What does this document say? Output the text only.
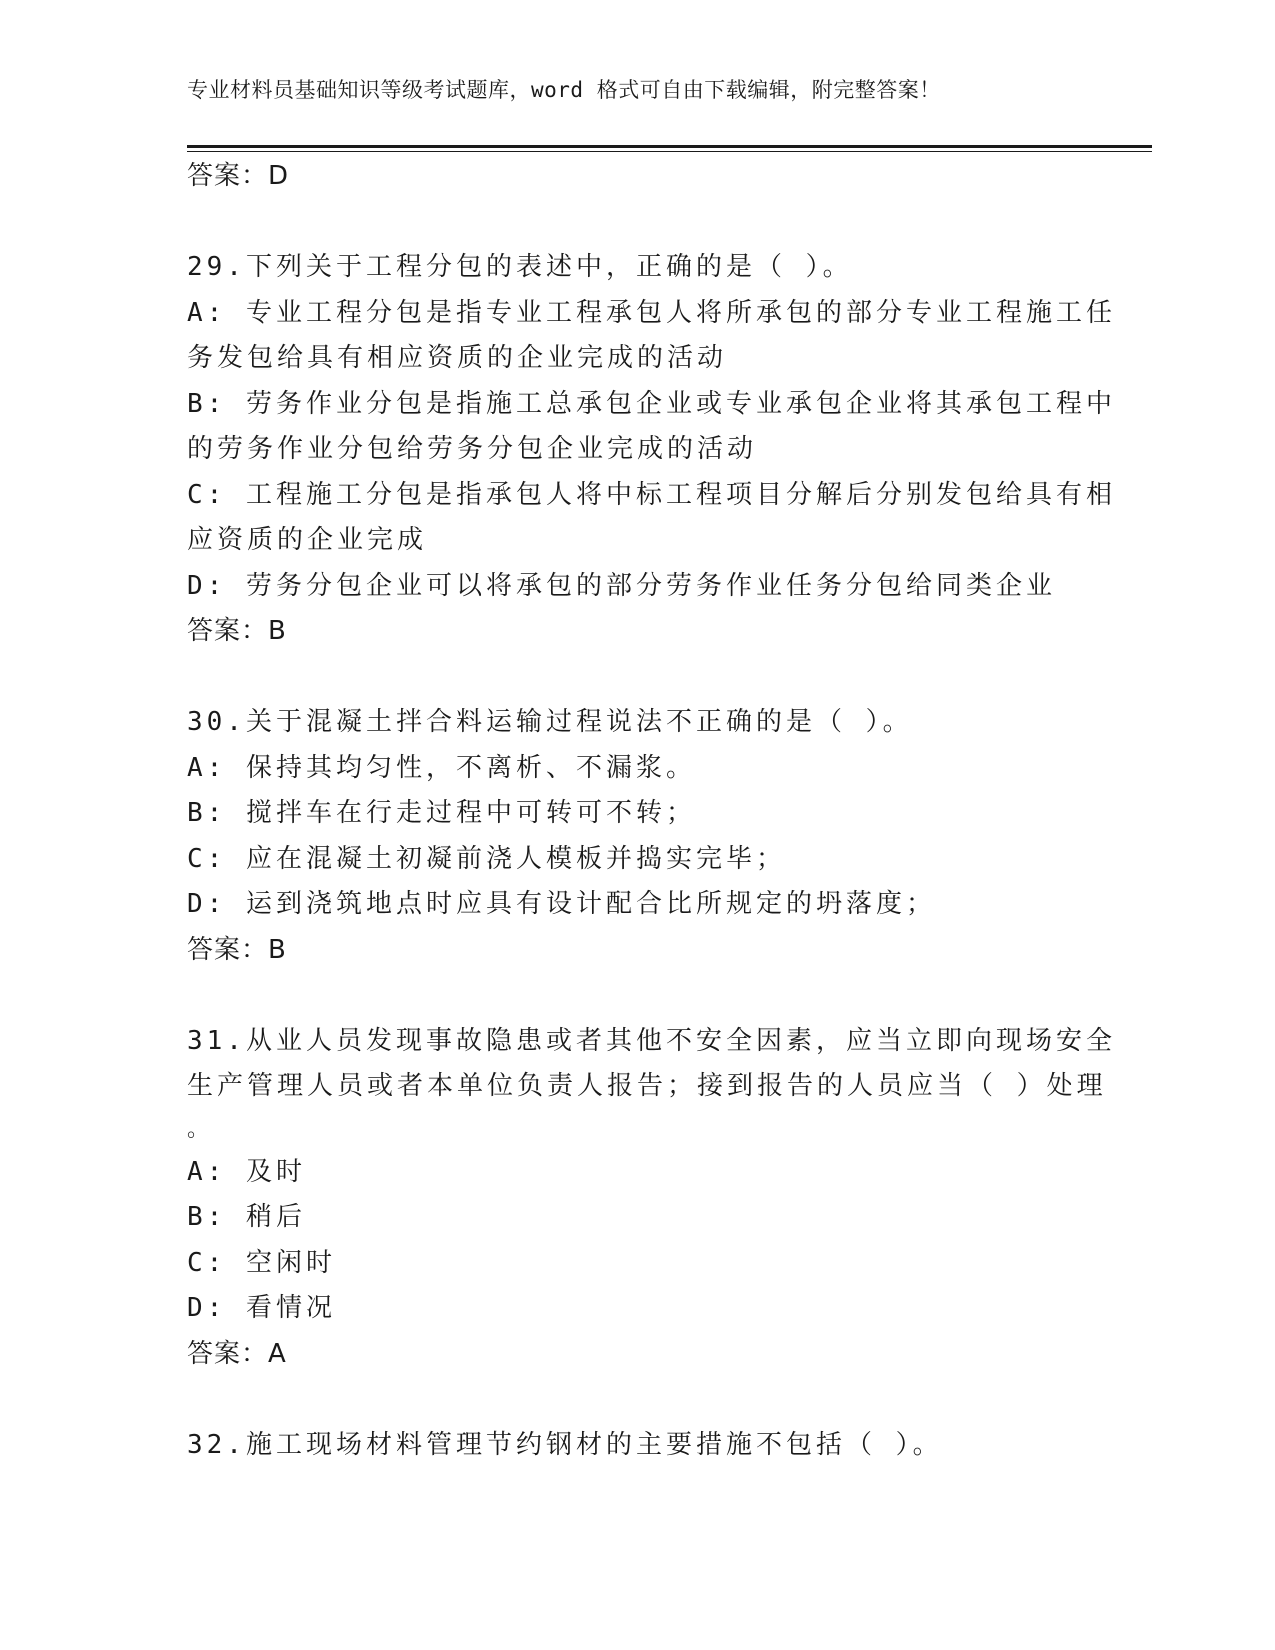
专业材料员基础知识等级考试题库，word 格式可自由下载编辑，附完整答案！
答案：D
29.下列关于工程分包的表述中，正确的是（ ）。
A: 专业工程分包是指专业工程承包人将所承包的部分专业工程施工任
务发包给具有相应资质的企业完成的活动
B: 劳务作业分包是指施工总承包企业或专业承包企业将其承包工程中
的劳务作业分包给劳务分包企业完成的活动
C: 工程施工分包是指承包人将中标工程项目分解后分别发包给具有相
应资质的企业完成
D: 劳务分包企业可以将承包的部分劳务作业任务分包给同类企业
答案：B
30.关于混凝土拌合料运输过程说法不正确的是（ ）。
A: 保持其均匀性，不离析、不漏浆。
B: 搅拌车在行走过程中可转可不转；
C: 应在混凝土初凝前浇人模板并捣实完毕；
D: 运到浇筑地点时应具有设计配合比所规定的坍落度；
答案：B
31.从业人员发现事故隐患或者其他不安全因素，应当立即向现场安全
生产管理人员或者本单位负责人报告；接到报告的人员应当（ ）处理
。
A: 及时
B: 稍后
C: 空闲时
D: 看情况
答案：A
32.施工现场材料管理节约钢材的主要措施不包括（ ）。
